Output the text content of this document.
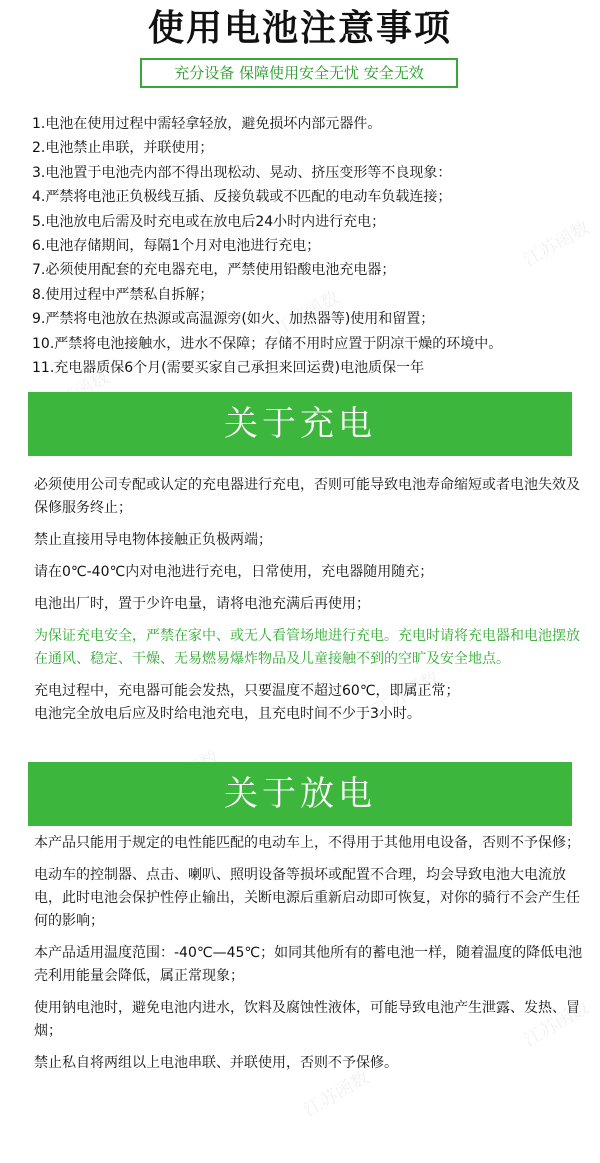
江苏函数
江苏函数
江苏函数
江苏函数
江苏函数
使用电池注意事项
充分设备 保障使用安全无忧 安全无效
1.电池在使用过程中需轻拿轻放，避免损坏内部元器件。
2.电池禁止串联，并联使用；
3.电池置于电池壳内部不得出现松动、晃动、挤压变形等不良现象：
4.严禁将电池正负极线互插、反接负载或不匹配的电动车负载连接；
5.电池放电后需及时充电或在放电后24小时内进行充电；
6.电池存储期间，每隔1个月对电池进行充电；
7.必须使用配套的充电器充电，严禁使用铅酸电池充电器；
8.使用过程中严禁私自拆解；
9.严禁将电池放在热源或高温源旁(如火、加热器等)使用和留置；
10.严禁将电池接触水，进水不保障；存储不用时应置于阴凉干燥的环境中。
11.充电器质保6个月(需要买家自己承担来回运费)电池质保一年
关于充电

必须使用公司专配或认定的充电器进行充电，否则可能导致电池寿命缩短或者电池失效及保修服务终止；

禁止直接用导电物体接触正负极两端；

请在0℃-40℃内对电池进行充电，日常使用，充电器随用随充；

电池出厂时，置于少许电量，请将电池充满后再使用；

为保证充电安全，严禁在家中、或无人看管场地进行充电。充电时请将充电器和电池摆放在通风、稳定、干燥、无易燃易爆炸物品及儿童接触不到的空旷及安全地点。

充电过程中，充电器可能会发热，只要温度不超过60℃，即属正常；

电池完全放电后应及时给电池充电，且充电时间不少于3小时。

关于放电

本产品只能用于规定的电性能匹配的电动车上，不得用于其他用电设备，否则不予保修；

电动车的控制器、点击、喇叭、照明设备等损坏或配置不合理，均会导致电池大电流放电，此时电池会保护性停止输出，关断电源后重新启动即可恢复，对你的骑行不会产生任何的影响；

本产品适用温度范围：-40℃—45℃；如同其他所有的蓄电池一样，随着温度的降低电池壳利用能量会降低，属正常现象；

使用钠电池时，避免电池内进水，饮料及腐蚀性液体，可能导致电池产生泄露、发热、冒烟；

禁止私自将两组以上电池串联、并联使用，否则不予保修。
